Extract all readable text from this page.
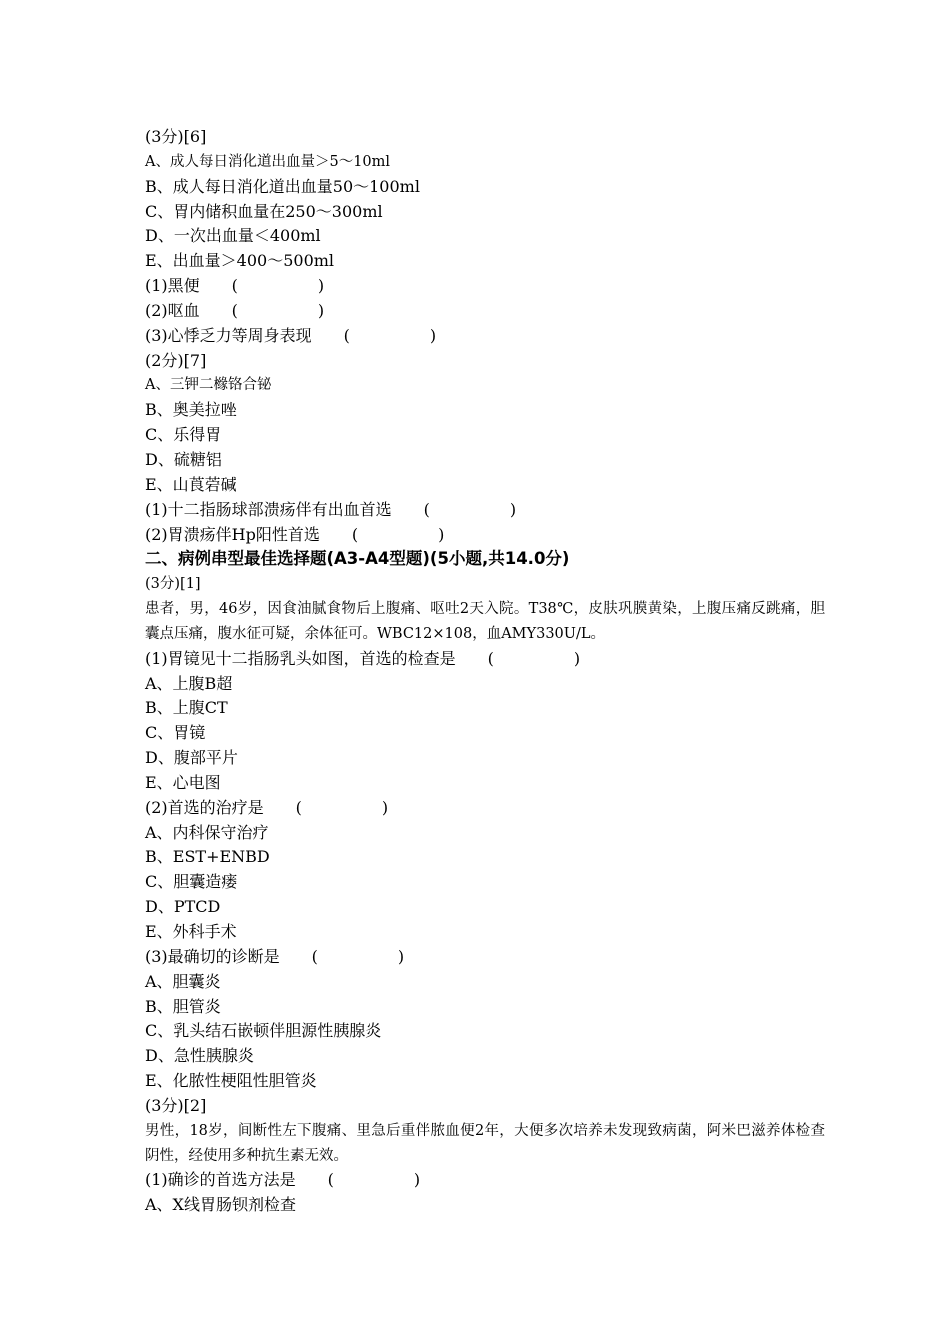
(3分)[6]
A、成人每日消化道出血量＞5～10ml
B、成人每日消化道出血量50～100ml
C、胃内储积血量在250～300ml
D、一次出血量＜400ml
E、出血量＞400～500ml
(1)黑便　　(　　　　　)
(2)呕血　　(　　　　　)
(3)心悸乏力等周身表现　　(　　　　　)
(2分)[7]
A、三钾二橼铬合铋
B、奥美拉唑
C、乐得胃
D、硫糖铝
E、山莨菪碱
(1)十二指肠球部溃疡伴有出血首选　　(　　　　　)
(2)胃溃疡伴Hp阳性首选　　(　　　　　)
二、病例串型最佳选择题(A3-A4型题)(5小题,共14.0分)
(3分)[1]
患者，男，46岁，因食油腻食物后上腹痛、呕吐2天入院。T38℃，皮肤巩膜黄染，上腹压痛反跳痛，胆囊点压痛，腹水征可疑，余体征可。WBC12×108，血AMY330U/L。
(1)胃镜见十二指肠乳头如图，首选的检查是　　(　　　　　)
A、上腹B超
B、上腹CT
C、胃镜
D、腹部平片
E、心电图
(2)首选的治疗是　　(　　　　　)
A、内科保守治疗
B、EST+ENBD
C、胆囊造瘘
D、PTCD
E、外科手术
(3)最确切的诊断是　　(　　　　　)
A、胆囊炎
B、胆管炎
C、乳头结石嵌顿伴胆源性胰腺炎
D、急性胰腺炎
E、化脓性梗阻性胆管炎
(3分)[2]
男性，18岁，间断性左下腹痛、里急后重伴脓血便2年，大便多次培养未发现致病菌，阿米巴滋养体检查阴性，经使用多种抗生素无效。
(1)确诊的首选方法是　　(　　　　　)
A、X线胃肠钡剂检查
